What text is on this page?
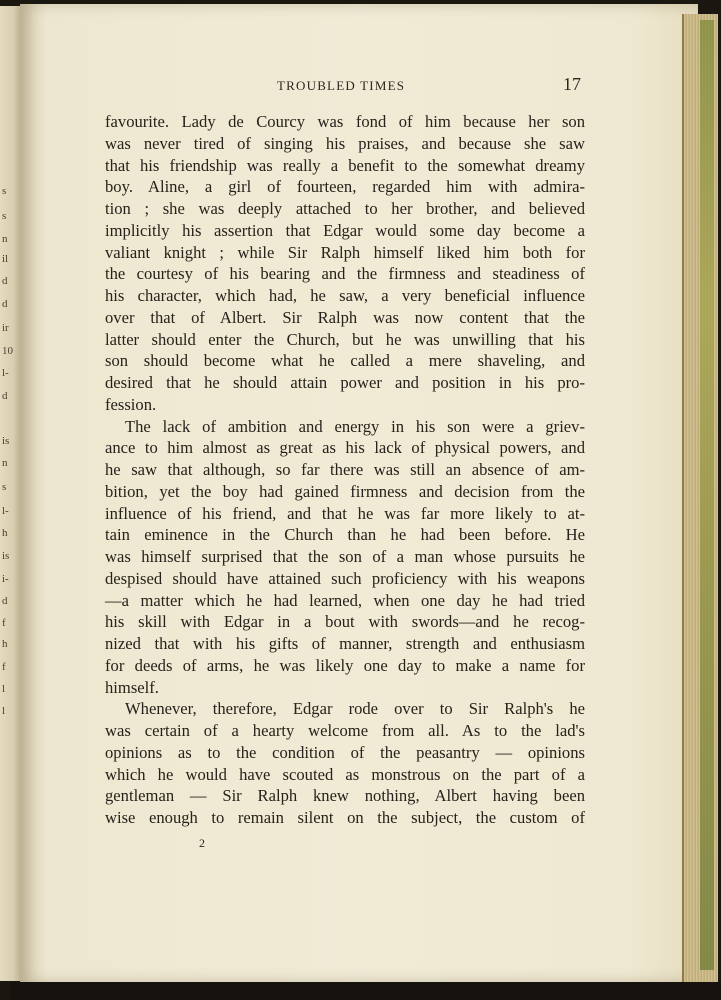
s
s
n
il
d
d
ir
10
l-
d
is
n
s
l-
h
is
i-
d
f
h
f
l
l
TROUBLED TIMES	17
favourite. Lady de Courcy was fond of him because her son
was never tired of singing his praises, and because she saw
that his friendship was really a benefit to the somewhat dreamy
boy. Aline, a girl of fourteen, regarded him with admira-
tion ; she was deeply attached to her brother, and believed
implicitly his assertion that Edgar would some day become a
valiant knight ; while Sir Ralph himself liked him both for
the courtesy of his bearing and the firmness and steadiness of
his character, which had, he saw, a very beneficial influence
over that of Albert. Sir Ralph was now content that the
latter should enter the Church, but he was unwilling that his
son should become what he called a mere shaveling, and
desired that he should attain power and position in his pro-
fession.
The lack of ambition and energy in his son were a griev-
ance to him almost as great as his lack of physical powers, and
he saw that although, so far there was still an absence of am-
bition, yet the boy had gained firmness and decision from the
influence of his friend, and that he was far more likely to at-
tain eminence in the Church than he had been before. He
was himself surprised that the son of a man whose pursuits he
despised should have attained such proficiency with his weapons
—a matter which he had learned, when one day he had tried
his skill with Edgar in a bout with swords—and he recog-
nized that with his gifts of manner, strength and enthusiasm
for deeds of arms, he was likely one day to make a name for
himself.
Whenever, therefore, Edgar rode over to Sir Ralph's he
was certain of a hearty welcome from all. As to the lad's
opinions as to the condition of the peasantry — opinions
which he would have scouted as monstrous on the part of a
gentleman — Sir Ralph knew nothing, Albert having been
wise enough to remain silent on the subject, the custom of
2
